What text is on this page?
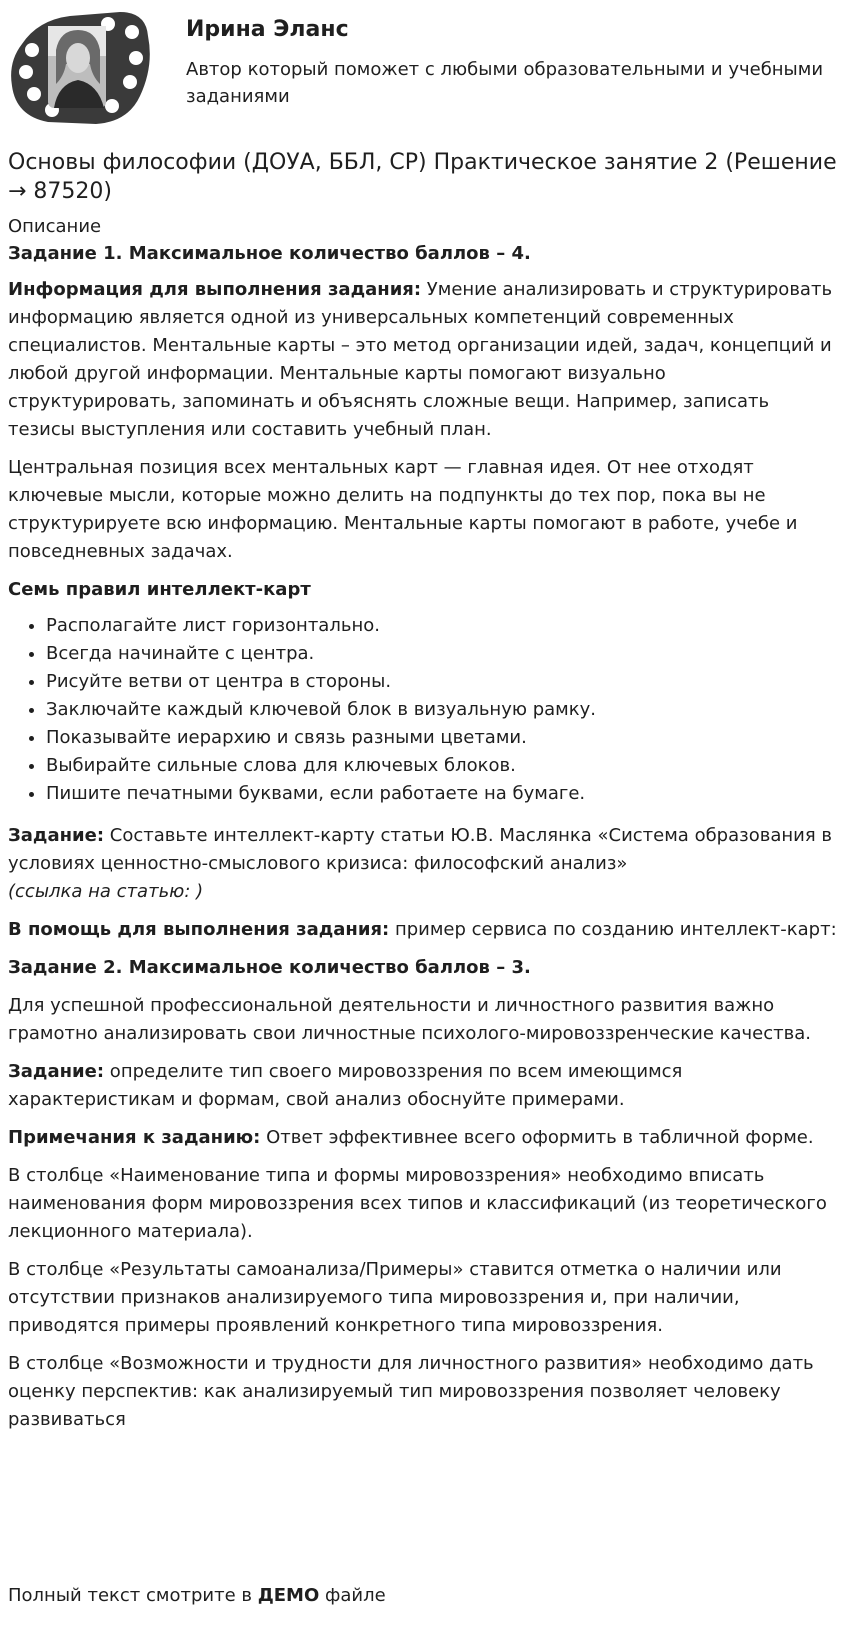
Ирина Эланс
Автор который поможет с любыми образовательными и учебными заданиями
Основы философии (ДОУА, ББЛ, СР) Практическое занятие 2 (Решение → 87520)
Описание

Задание 1. Максимальное количество баллов – 4.

Информация для выполнения задания: Умение анализировать и структурировать информацию является одной из универсальных компетенций современных специалистов. Ментальные карты – это метод организации идей, задач, концепций и любой другой информации. Ментальные карты помогают визуально структурировать, запоминать и объяснять сложные вещи. Например, записать тезисы выступления или составить учебный план.

Центральная позиция всех ментальных карт — главная идея. От нее отходят ключевые мысли, которые можно делить на подпункты до тех пор, пока вы не структурируете всю информацию. Ментальные карты помогают в работе, учебе и повседневных задачах.

Семь правил интеллект-карт

• Располагайте лист горизонтально.
• Всегда начинайте с центра.
• Рисуйте ветви от центра в стороны.
• Заключайте каждый ключевой блок в визуальную рамку.
• Показывайте иерархию и связь разными цветами.
• Выбирайте сильные слова для ключевых блоков.
• Пишите печатными буквами, если работаете на бумаге.

Задание: Составьте интеллект-карту статьи Ю.В. Маслянка «Система образования в условиях ценностно-смыслового кризиса: философский анализ»
(ссылка на статью: )

В помощь для выполнения задания: пример сервиса по созданию интеллект-карт:

Задание 2. Максимальное количество баллов – 3.

Для успешной профессиональной деятельности и личностного развития важно грамотно анализировать свои личностные психолого-мировоззренческие качества.

Задание: определите тип своего мировоззрения по всем имеющимся характеристикам и формам, свой анализ обоснуйте примерами.

Примечания к заданию: Ответ эффективнее всего оформить в табличной форме.

В столбце «Наименование типа и формы мировоззрения» необходимо вписать наименования форм мировоззрения всех типов и классификаций (из теоретического лекционного материала).

В столбце «Результаты самоанализа/Примеры» ставится отметка о наличии или отсутствии признаков анализируемого типа мировоззрения и, при наличии, приводятся примеры проявлений конкретного типа мировоззрения.

В столбце «Возможности и трудности для личностного развития» необходимо дать оценку перспектив: как анализируемый тип мировоззрения позволяет человеку развиваться

Полный текст смотрите в ДЕМО файле
